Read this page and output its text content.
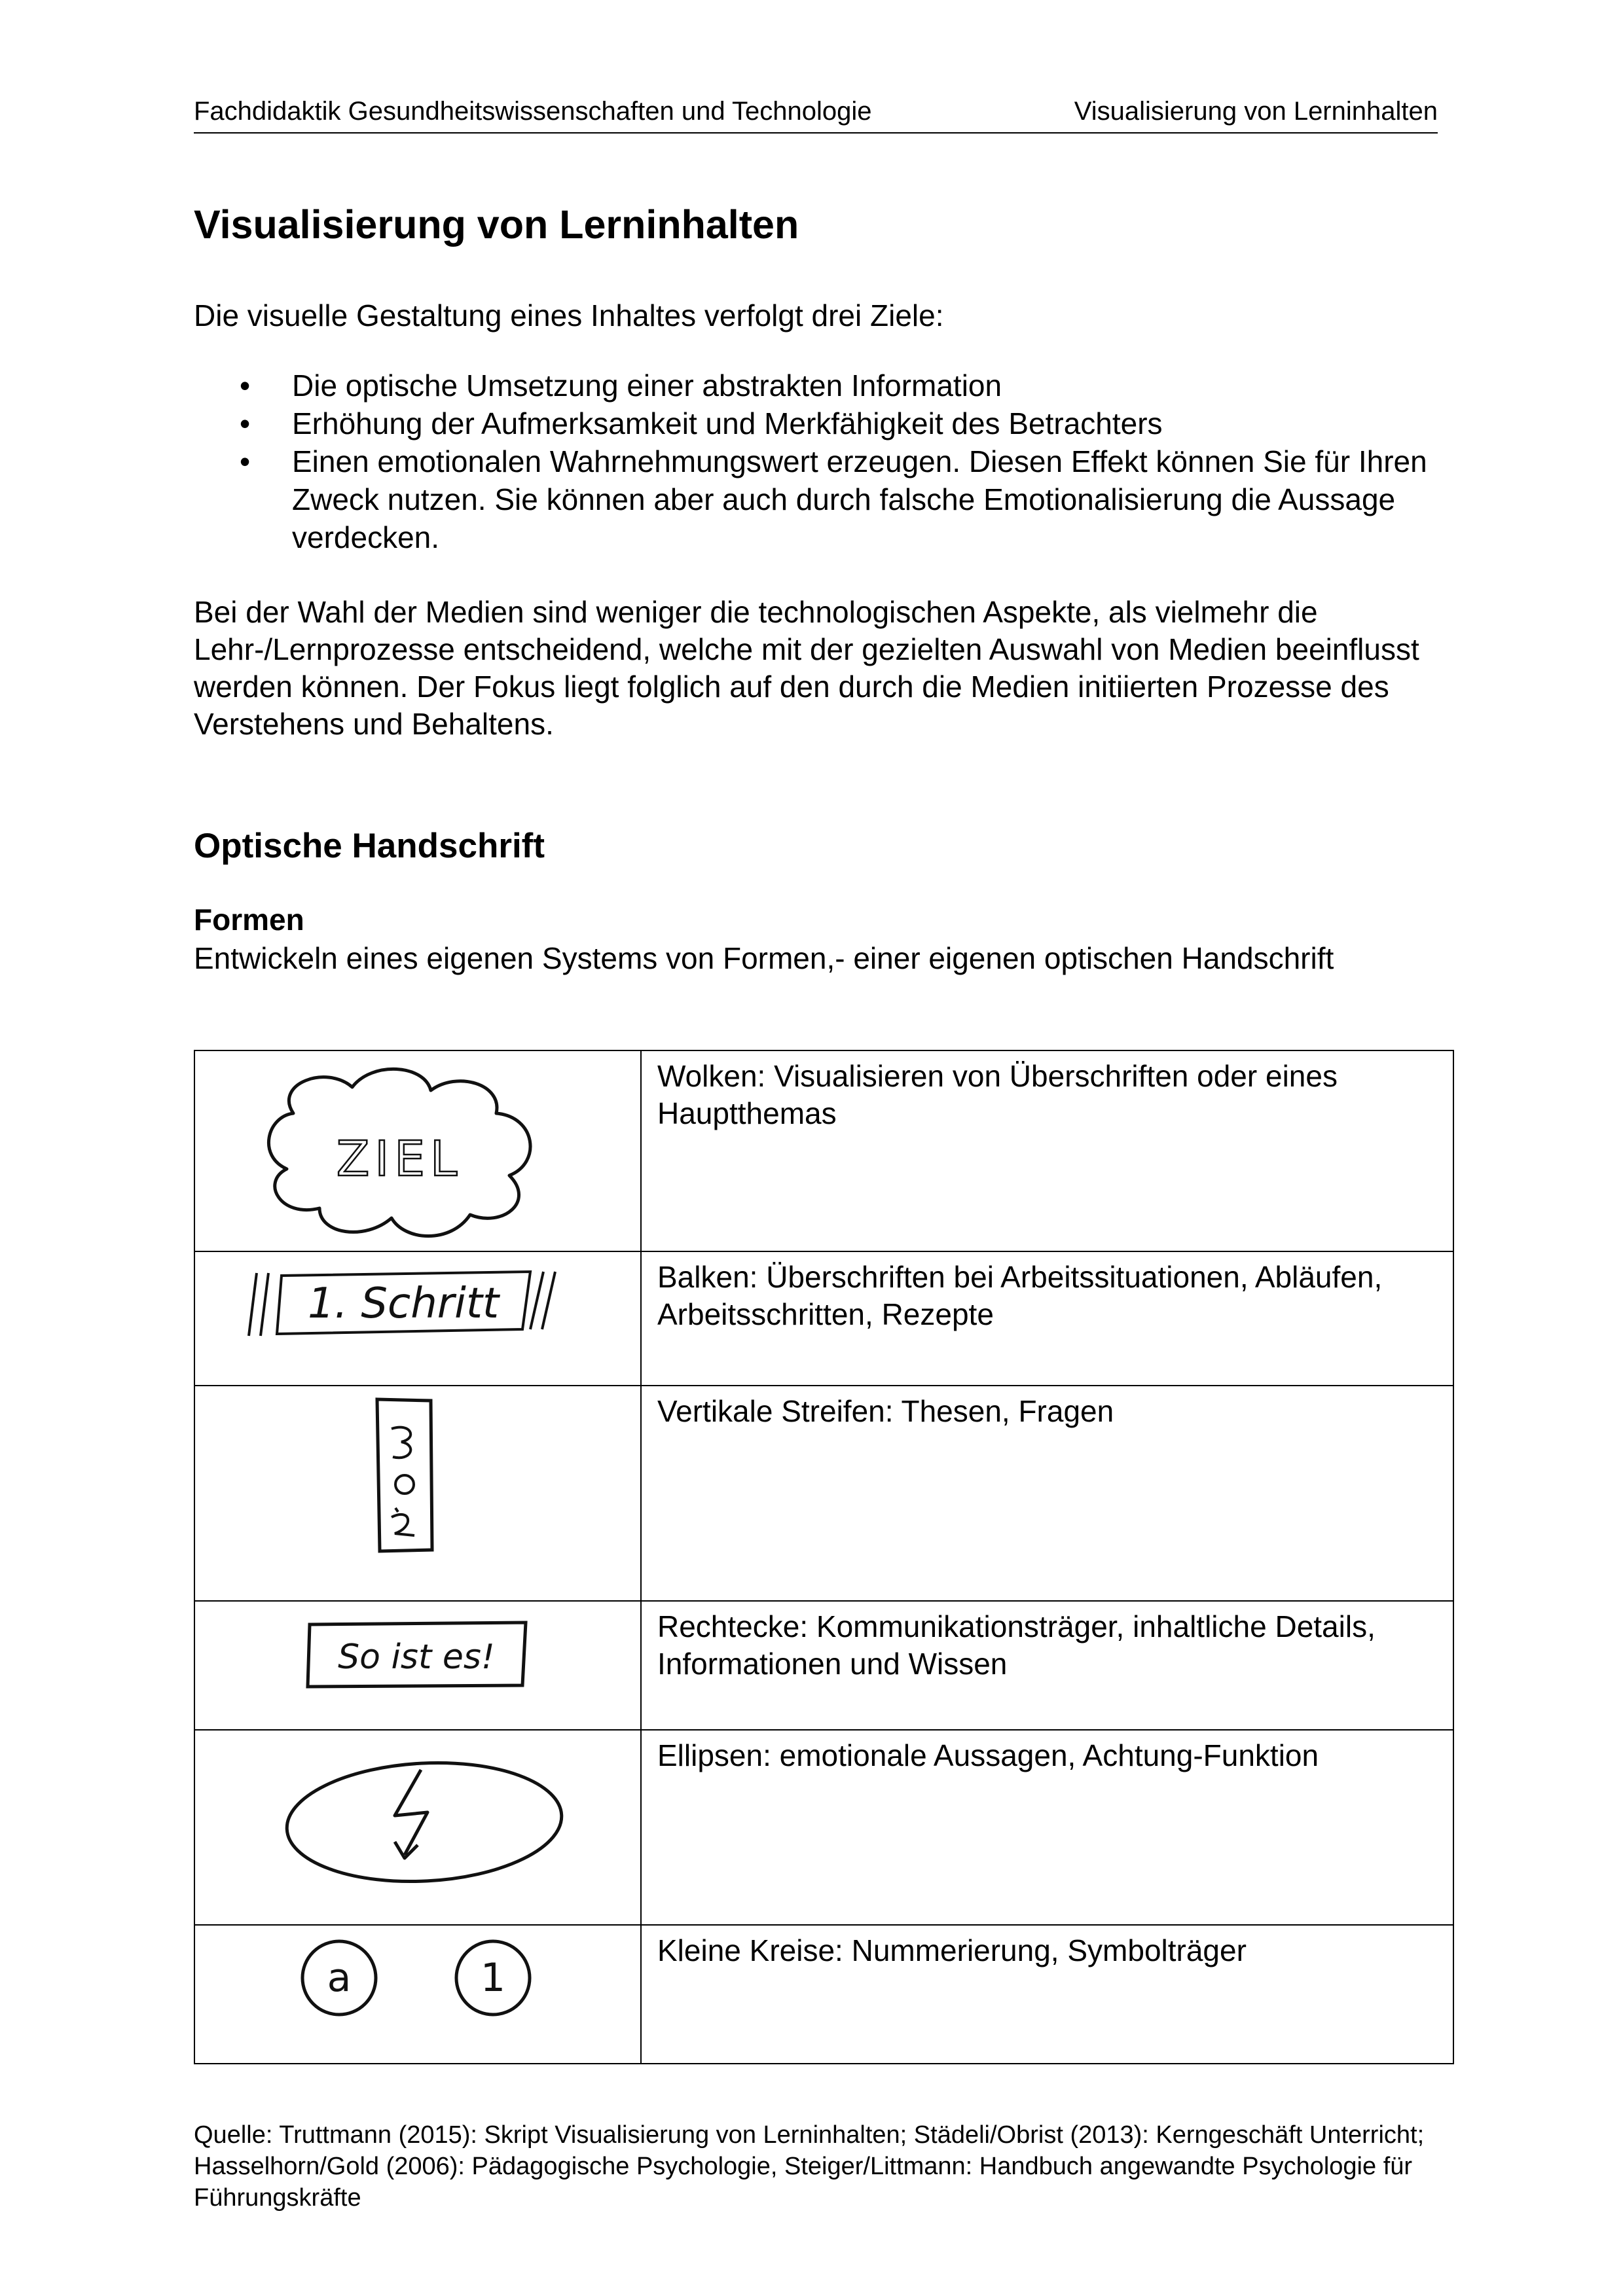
Fachdidaktik Gesundheitswissenschaften und Technologie	Visualisierung von Lerninhalten
Visualisierung von Lerninhalten

Die visuelle Gestaltung eines Inhaltes verfolgt drei Ziele:

• Die optische Umsetzung einer abstrakten Information
• Erhöhung der Aufmerksamkeit und Merkfähigkeit des Betrachters
• Einen emotionalen Wahrnehmungswert erzeugen. Diesen Effekt können Sie für Ihren Zweck nutzen. Sie können aber auch durch falsche Emotionalisierung die Aussage verdecken.

Bei der Wahl der Medien sind weniger die technologischen Aspekte, als vielmehr die Lehr-/Lernprozesse entscheidend, welche mit der gezielten Auswahl von Medien beeinflusst werden können. Der Fokus liegt folglich auf den durch die Medien initiierten Prozesse des Verstehens und Behaltens.

Optische Handschrift
Formen

Entwickeln eines eigenen Systems von Formen,- einer eigenen optischen Handschrift

ZIEL	Wolken: Visualisieren von Überschriften oder eines Hauptthemas

1. Schritt	Balken: Überschriften bei Arbeitssituationen, Abläufen, Arbeitsschritten, Rezepte

	Vertikale Streifen: Thesen, Fragen

So ist es!	Rechtecke: Kommunikationsträger, inhaltliche Details, Informationen und Wissen

	Ellipsen: emotionale Aussagen, Achtung-Funktion

a 1	Kleine Kreise: Nummerierung, Symbolträger

Quelle: Truttmann (2015): Skript Visualisierung von Lerninhalten; Städeli/Obrist (2013): Kerngeschäft Unterricht; Hasselhorn/Gold (2006): Pädagogische Psychologie, Steiger/Littmann: Handbuch angewandte Psychologie für Führungskräfte
